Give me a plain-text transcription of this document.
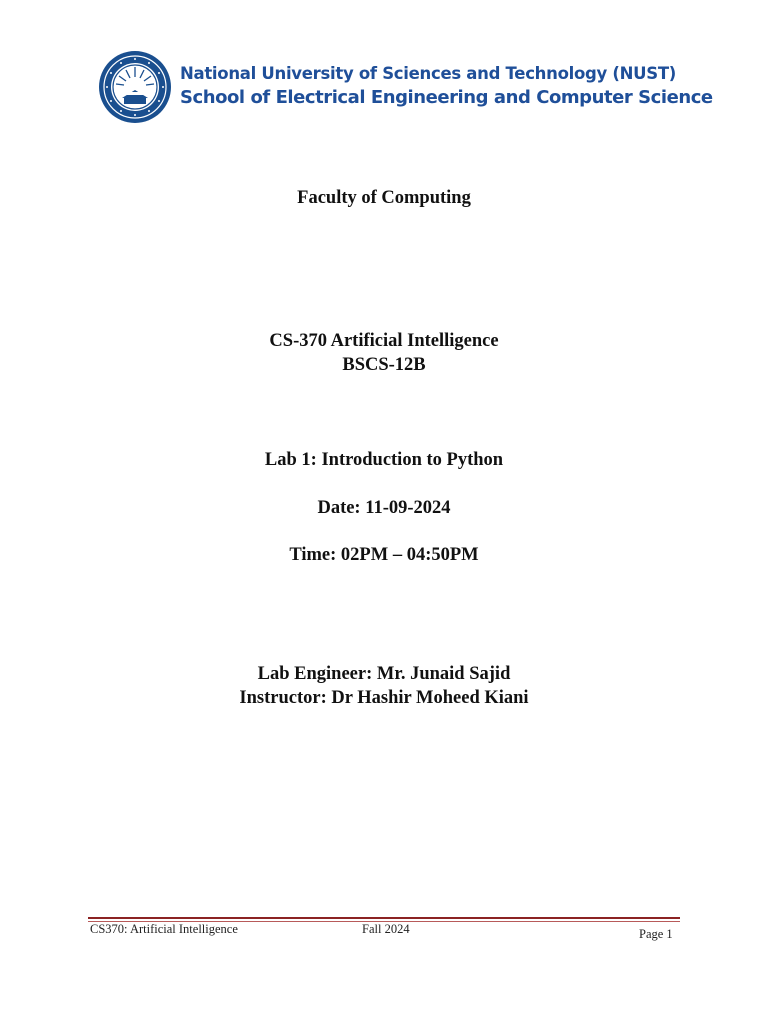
National University of Sciences and Technology (NUST)
School of Electrical Engineering and Computer Science
Faculty of Computing
CS-370 Artificial Intelligence
BSCS-12B
Lab 1: Introduction to Python
Date: 11-09-2024
Time: 02PM – 04:50PM
Lab Engineer: Mr. Junaid Sajid
Instructor: Dr Hashir Moheed Kiani
CS370: Artificial Intelligence	Fall 2024	Page 1
